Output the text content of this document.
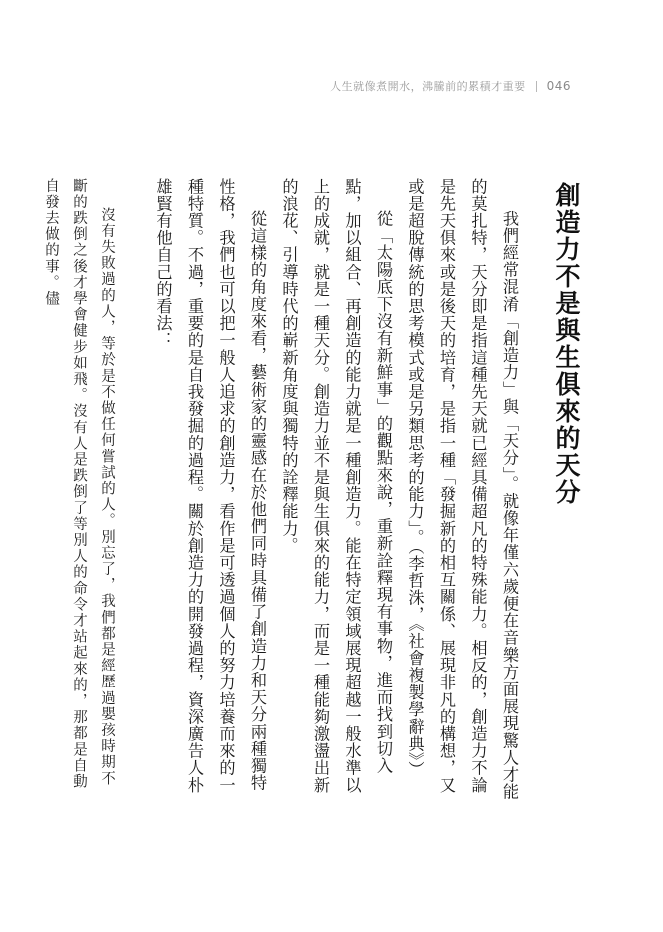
人生就像煮開水，沸騰前的累積才重要 046

我們經常混淆「創造力」與「天分」。就像年僅六歲便在音樂方面展現驚人才能的莫扎特，天分即是指這種先天就已經具備超凡的特殊能力。相反的，創造力不論是先天俱來或是後天的培育，是指一種「發掘新的相互關係、展現非凡的構想，又或是超脫傳統的思考模式或是另類思考的能力」。（李哲洙，《社會複製學辭典》）

從「太陽底下沒有新鮮事」的觀點來說，重新詮釋現有事物，進而找到切入點，加以組合、再創造的能力就是一種創造力。能在特定領域展現超越一般水準以上的成就，就是一種天分。創造力並不是與生俱來的能力，而是一種能夠激盪出新的浪花、引導時代的嶄新角度與獨特的詮釋能力。

從這樣的角度來看，藝術家的靈感在於他們同時具備了創造力和天分兩種獨特性格，我們也可以把一般人追求的創造力，看作是可透過個人的努力培養而來的一種特質。不過，重要的是自我發掘的過程。關於創造力的開發過程，資深廣告人朴雄賢有他自己的看法：

沒有失敗過的人，等於是不做任何嘗試的人。別忘了，我們都是經歷過嬰孩時期不斷的跌倒之後才學會健步如飛。沒有人是跌倒了等別人的命令才站起來的，那都是自動自發去做的事。儘	創造力不是與生俱來的天分
